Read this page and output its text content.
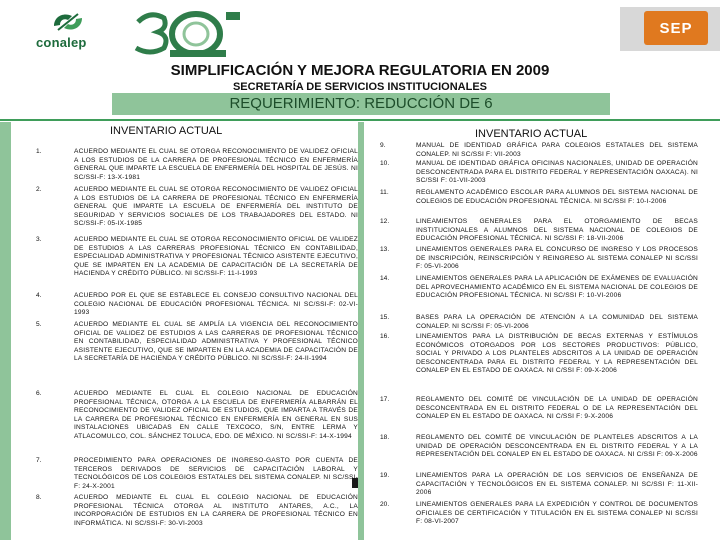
conalep
SEP
SIMPLIFICACIÓN Y MEJORA REGULATORIA EN 2009
SECRETARÍA DE SERVICIOS INSTITUCIONALES
REQUERIMIENTO: REDUCCIÓN DE 6
INVENTARIO ACTUAL	INVENTARIO ACTUAL
1.	ACUERDO MEDIANTE EL CUAL SE OTORGA RECONOCIMIENTO DE VALIDEZ OFICIAL A LOS ESTUDIOS DE LA CARRERA DE PROFESIONAL TÉCNICO EN ENFERMERÍA GENERAL QUE IMPARTE LA ESCUELA DE ENFERMERÍA DEL HOSPITAL DE JESÚS. NI SC/SSI-F: 13-X-1981
2.	ACUERDO MEDIANTE EL CUAL SE OTORGA RECONOCIMIENTO DE VALIDEZ OFICIAL A LOS ESTUDIOS DE LA CARRERA DE PROFESIONAL TÉCNICO EN ENFERMERÍA GENERAL QUE IMPARTE LA ESCUELA DE ENFERMERÍA DEL INSTITUTO DE SEGURIDAD Y SERVICIOS SOCIALES DE LOS TRABAJADORES DEL ESTADO. NI SC/SSI-F: 05-IX-1985
3.	ACUERDO MEDIANTE EL CUAL SE OTORGA RECONOCIMIENTO OFICIAL DE VALIDEZ DE ESTUDIOS A LAS CARRERAS PROFESIONAL TÉCNICO EN CONTABILIDAD, ESPECIALIDAD ADMINISTRATIVA Y PROFESIONAL TÉCNICO ASISTENTE EJECUTIVO, QUE SE IMPARTEN EN LA ACADEMIA DE CAPACITACIÓN DE LA SECRETARÍA DE HACIENDA Y CRÉDITO PÚBLICO. NI SC/SSI-F: 11-I-1993
4.	ACUERDO POR EL QUE SE ESTABLECE EL CONSEJO CONSULTIVO NACIONAL DEL COLEGIO NACIONAL DE EDUCACIÓN PROFESIONAL TÉCNICA. NI SC/SSI-F: 02-VI-1993
5.	ACUERDO MEDIANTE EL CUAL SE AMPLÍA LA VIGENCIA DEL RECONOCIMIENTO OFICIAL DE VALIDEZ DE ESTUDIOS A LAS CARRERAS DE PROFESIONAL TÉCNICO EN CONTABILIDAD, ESPECIALIDAD ADMINISTRATIVA Y PROFESIONAL TÉCNICO ASISTENTE EJECUTIVO, QUE SE IMPARTEN EN LA ACADEMIA DE CAPACITACIÓN DE LA SECRETARÍA DE HACIENDA Y CRÉDITO PÚBLICO. NI SC/SSI-F: 24-II-1994
6.	ACUERDO MEDIANTE EL CUAL EL COLEGIO NACIONAL DE EDUCACIÓN PROFESIONAL TÉCNICA, OTORGA A LA ESCUELA DE ENFERMERÍA ALBARRÁN EL RECONOCIMIENTO DE VALIDEZ OFICIAL DE ESTUDIOS, QUE IMPARTA A TRAVÉS DE LA CARRERA DE PROFESIONAL TÉCNICO EN ENFERMERÍA EN GENERAL EN SUS INSTALACIONES UBICADAS EN CALLE TEXCOCO, S/N, ENTRE LERMA Y ATLACOMULCO, COL. SÁNCHEZ TOLUCA, EDO. DE MÉXICO. NI SC/SSI-F: 14-X-1994
7.	PROCEDIMIENTO PARA OPERACIONES DE INGRESO-GASTO POR CUENTA DE TERCEROS DERIVADOS DE SERVICIOS DE CAPACITACIÓN LABORAL Y TECNOLÓGICOS DE LOS COLEGIOS ESTATALES DEL SISTEMA CONALEP. NI SC/SSI-F: 24-X-2001
8.	ACUERDO MEDIANTE EL CUAL EL COLEGIO NACIONAL DE EDUCACIÓN PROFESIONAL TÉCNICA OTORGA AL INSTITUTO ANTARES, A.C., LA INCORPORACIÓN DE ESTUDIOS EN LA CARRERA DE PROFESIONAL TÉCNICO EN INFORMÁTICA. NI SC/SSI-F: 30-VI-2003
9.	MANUAL DE IDENTIDAD GRÁFICA PARA COLEGIOS ESTATALES DEL SISTEMA CONALEP. NI SC/SSI F: VII-2003
10.	MANUAL DE IDENTIDAD GRÁFICA OFICINAS NACIONALES, UNIDAD DE OPERACIÓN DESCONCENTRADA PARA EL DISTRITO FEDERAL Y REPRESENTACIÓN OAXACA). NI SC/SSI F: 01-VII-2003
11.	REGLAMENTO ACADÉMICO ESCOLAR PARA ALUMNOS DEL SISTEMA NACIONAL DE COLEGIOS DE EDUCACIÓN PROFESIONAL TÉCNICA. NI SC/SSI F: 10-I-2006
12.	LINEAMIENTOS GENERALES PARA EL OTORGAMIENTO DE BECAS INSTITUCIONALES A ALUMNOS DEL SISTEMA NACIONAL DE COLEGIOS DE EDUCACIÓN PROFESIONAL TÉCNICA. NI SC/SSI F: 18-VII-2006
13.	LINEAMIENTOS GENERALES PARA EL CONCURSO DE INGRESO Y LOS PROCESOS DE INSCRIPCIÓN, REINSCRIPCIÓN Y REINGRESO AL SISTEMA CONALEP NI SC/SSI F: 05-VI-2006
14.	LINEAMIENTOS GENERALES PARA LA APLICACIÓN DE EXÁMENES DE EVALUACIÓN DEL APROVECHAMIENTO ACADÉMICO EN EL SISTEMA NACIONAL DE COLEGIOS DE EDUCACIÓN PROFESIONAL TÉCNICA. NI SC/SSI F: 10-VI-2006
15.	BASES PARA LA OPERACIÓN DE ATENCIÓN A LA COMUNIDAD DEL SISTEMA CONALEP. NI SC/SSI F: 05-VI-2006
16.	LINEAMIENTOS PARA LA DISTRIBUCIÓN DE BECAS EXTERNAS Y ESTÍMULOS ECONÓMICOS OTORGADOS POR LOS SECTORES PRODUCTIVOS: PÚBLICO, SOCIAL Y PRIVADO A LOS PLANTELES ADSCRITOS A LA UNIDAD DE OPERACIÓN DESCONCENTRADA PARA EL DISTRITO FEDERAL Y LA REPRESENTACIÓN DEL CONALEP EN EL ESTADO DE OAXACA. NI C/SSI F: 09-X-2006
17.	REGLAMENTO DEL COMITÉ DE VINCULACIÓN DE LA UNIDAD DE OPERACIÓN DESCONCENTRADA EN EL DISTRITO FEDERAL O DE LA REPRESENTACIÓN DEL CONALEP EN EL ESTADO DE OAXACA. NI C/SSI F: 9-X-2006
18.	REGLAMENTO DEL COMITÉ DE VINCULACIÓN DE PLANTELES ADSCRITOS A LA UNIDAD DE OPERACIÓN DESCONCENTRADA EN EL DISTRITO FEDERAL Y A LA REPRESENTACIÓN DEL CONALEP EN EL ESTADO DE OAXACA. NI C/SSI F: 09-X-2006
19.	LINEAMIENTOS PARA LA OPERACIÓN DE LOS SERVICIOS DE ENSEÑANZA DE CAPACITACIÓN Y TECNOLÓGICOS EN EL SISTEMA CONALEP. NI SC/SSI F: 11-XII-2006
20.	LINEAMIENTOS GENERALES PARA LA EXPEDICIÓN Y CONTROL DE DOCUMENTOS OFICIALES DE CERTIFICACIÓN Y TITULACIÓN EN EL SISTEMA CONALEP NI SC/SSI F: 08-VI-2007
